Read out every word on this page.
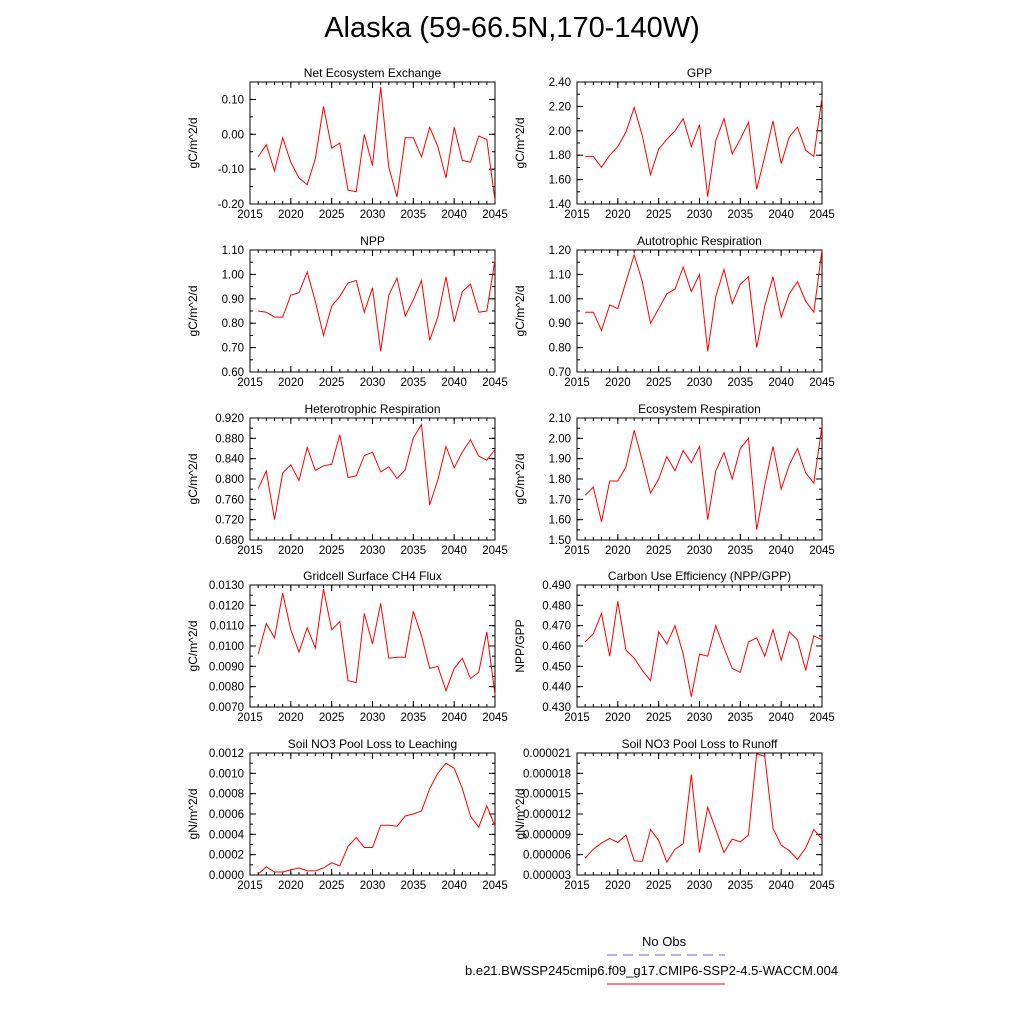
Alaska (59-66.5N,170-140W)
Net Ecosystem Exchange
gC/m^2/d
2015 2020 2025 2030 2035 2040 2045
-0.20
-0.10
0.00
0.10
GPP
gC/m^2/d
2015 2020 2025 2030 2035 2040 2045
1.40
1.60
1.80
2.00
2.20
2.40
NPP
gC/m^2/d
2015 2020 2025 2030 2035 2040 2045
0.60
0.70
0.80
0.90
1.00
1.10
Autotrophic Respiration
gC/m^2/d
2015 2020 2025 2030 2035 2040 2045
0.70
0.80
0.90
1.00
1.10
1.20
Heterotrophic Respiration
gC/m^2/d
2015 2020 2025 2030 2035 2040 2045
0.680
0.720
0.760
0.800
0.840
0.880
0.920
Ecosystem Respiration
gC/m^2/d
2015 2020 2025 2030 2035 2040 2045
1.50
1.60
1.70
1.80
1.90
2.00
2.10
Gridcell Surface CH4 Flux
gC/m^2/d
2015 2020 2025 2030 2035 2040 2045
0.0070
0.0080
0.0090
0.0100
0.0110
0.0120
0.0130
Carbon Use Efficiency (NPP/GPP)
NPP/GPP
2015 2020 2025 2030 2035 2040 2045
0.430
0.440
0.450
0.460
0.470
0.480
0.490
Soil NO3 Pool Loss to Leaching
gN/m^2/d
2015 2020 2025 2030 2035 2040 2045
0.0000
0.0002
0.0004
0.0006
0.0008
0.0010
0.0012
Soil NO3 Pool Loss to Runoff
gN/m^2/d
2015 2020 2025 2030 2035 2040 2045
0.000003
0.000006
0.000009
0.000012
0.000015
0.000018
0.000021
No Obs
b.e21.BWSSP245cmip6.f09_g17.CMIP6-SSP2-4.5-WACCM.004
